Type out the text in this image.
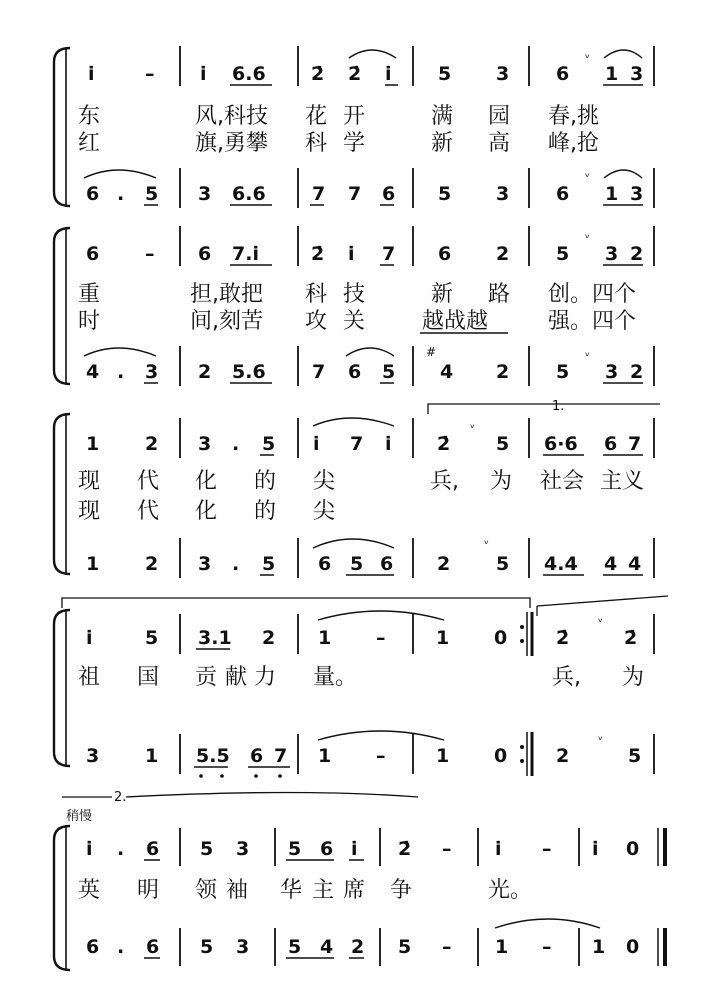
i̇	– i̇ 6.6 2̇ 2̇ i̇ 5 3 6
ᵛ
1 3
东	风,科技 花 开	满 园 春,挑
红	旗,勇攀 科 学	新 高 峰,抢
6 . 5 3 6.6 7 7 6 5 3 6
ᵛ
1 3
6 – 6 7.i̇	2̇ i̇ 7 6 2 5
ᵛ
3 2
重	担,敢把 科 技	新 路 创。四个
时	间,刻苦 攻 关	越战越	强。四个
4 . 3 2 5.6 7 6 5
#
4 2 5
ᵛ
3 2
1.
1 2 3 . 5 i̇ 7 i̇ 2̇
ᵛ
5 6·6 6 7
现 代 化 的 尖	兵, 为 社会 主义
现 代 化 的 尖
1 2 3 . 5 6 5 6 2 5 4.4 4 4
ᵛ
i̇	5 3.1 2 1 –	1 0	2̇
ᵛ
2̇
祖 国 贡 献 力 量。	兵, 为
3 1 5.5 6 7 1 –	1 0	2
ᵛ
5
2.
稍慢
i̇ . 6 5 3 5 6 i̇ 2̇ – i̇ – i̇ 0
英 明 领 袖 华 主 席 争	光。
6 . 6 5 3 5 4 2 5 – 1 – 1 0
